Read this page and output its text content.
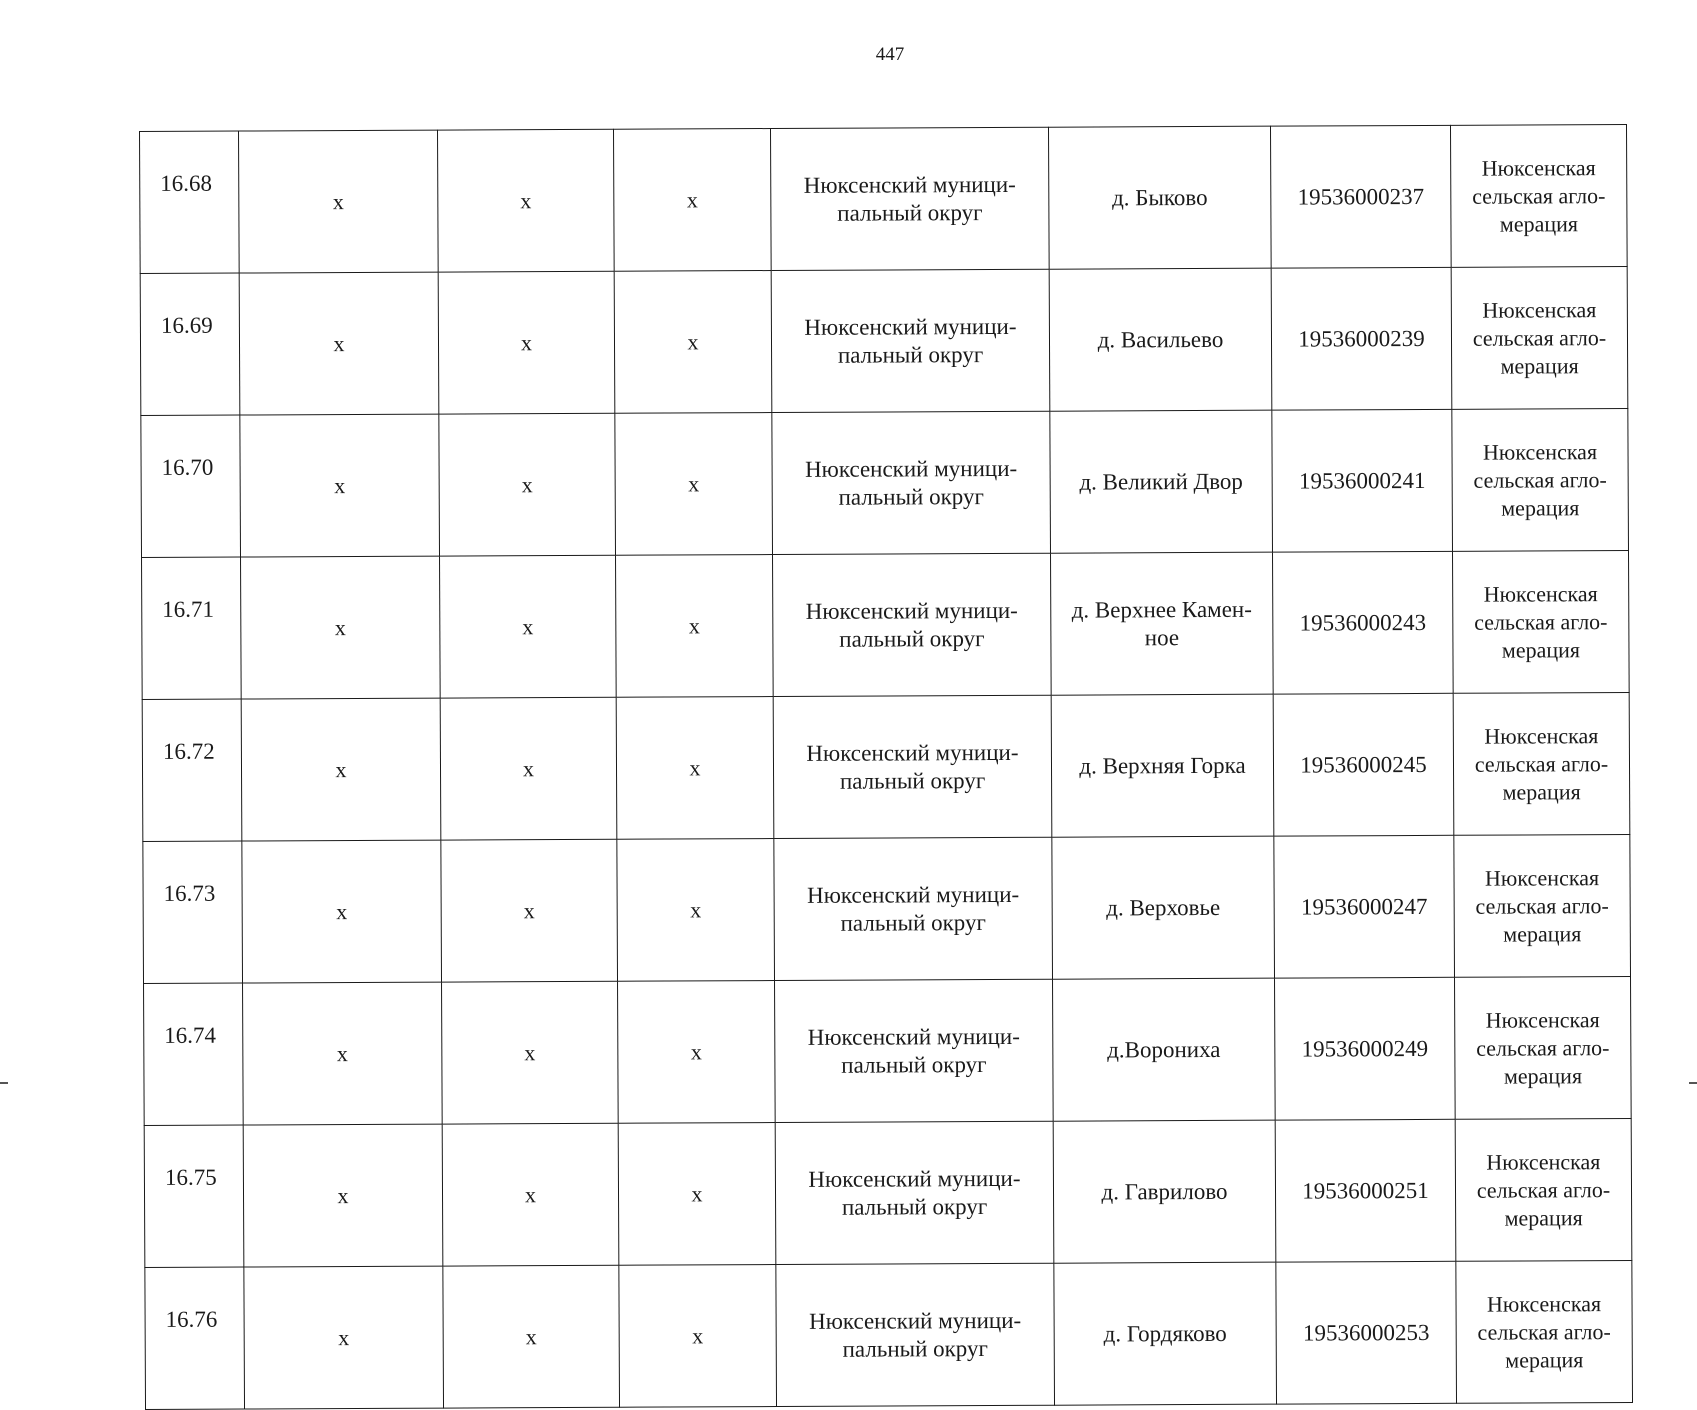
447
16.68	x	x	x	Нюксенский муници-
пальный округ	д. Быково	19536000237	Нюксенская
сельская агло-
мерация

16.69	x	x	x	Нюксенский муници-
пальный округ	д. Васильево	19536000239	Нюксенская
сельская агло-
мерация

16.70	x	x	x	Нюксенский муници-
пальный округ	д. Великий Двор	19536000241	Нюксенская
сельская агло-
мерация

16.71	x	x	x	Нюксенский муници-
пальный округ	д. Верхнее Камен-
ное	19536000243	Нюксенская
сельская агло-
мерация

16.72	x	x	x	Нюксенский муници-
пальный округ	д. Верхняя Горка	19536000245	Нюксенская
сельская агло-
мерация

16.73	x	x	x	Нюксенский муници-
пальный округ	д. Верховье	19536000247	Нюксенская
сельская агло-
мерация

16.74	x	x	x	Нюксенский муници-
пальный округ	д.Ворониха	19536000249	Нюксенская
сельская агло-
мерация

16.75	x	x	x	Нюксенский муници-
пальный округ	д. Гаврилово	19536000251	Нюксенская
сельская агло-
мерация

16.76	x	x	x	Нюксенский муници-
пальный округ	д. Гордяково	19536000253	Нюксенская
сельская агло-
мерация
